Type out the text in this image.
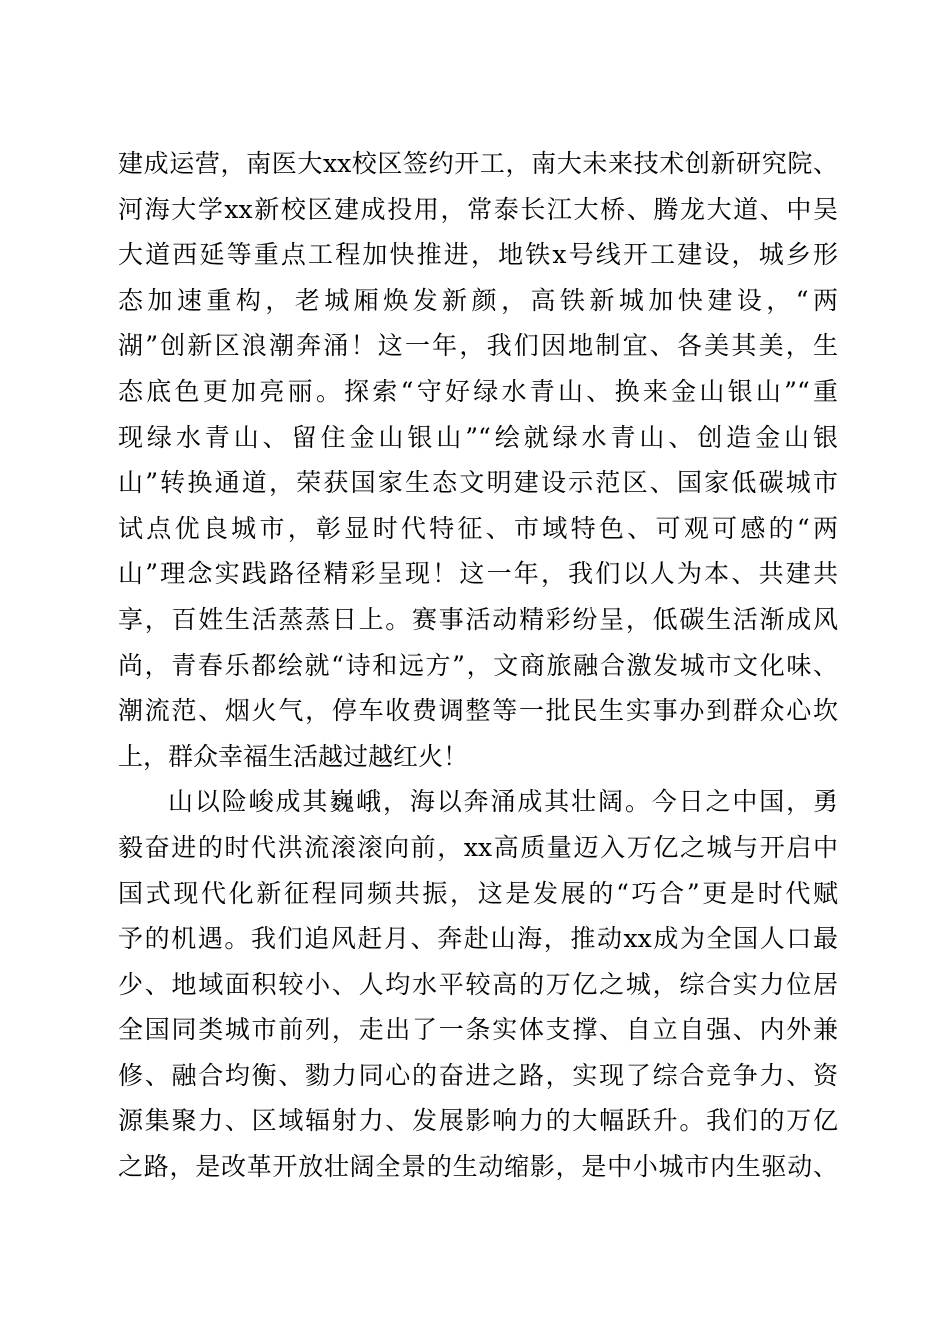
建成运营，南医大xx校区签约开工，南大未来技术创新研究院、
河海大学xx新校区建成投用，常泰长江大桥、腾龙大道、中吴
大道西延等重点工程加快推进，地铁x号线开工建设，城乡形
态加速重构，老城厢焕发新颜，高铁新城加快建设，“两
湖”创新区浪潮奔涌！这一年，我们因地制宜、各美其美，生
态底色更加亮丽。探索“守好绿水青山、换来金山银山”“重
现绿水青山、留住金山银山”“绘就绿水青山、创造金山银
山”转换通道，荣获国家生态文明建设示范区、国家低碳城市
试点优良城市，彰显时代特征、市域特色、可观可感的“两
山”理念实践路径精彩呈现！这一年，我们以人为本、共建共
享，百姓生活蒸蒸日上。赛事活动精彩纷呈，低碳生活渐成风
尚，青春乐都绘就“诗和远方”，文商旅融合激发城市文化味、
潮流范、烟火气，停车收费调整等一批民生实事办到群众心坎
上，群众幸福生活越过越红火！
山以险峻成其巍峨，海以奔涌成其壮阔。今日之中国，勇
毅奋进的时代洪流滚滚向前，xx高质量迈入万亿之城与开启中
国式现代化新征程同频共振，这是发展的“巧合”更是时代赋
予的机遇。我们追风赶月、奔赴山海，推动xx成为全国人口最
少、地域面积较小、人均水平较高的万亿之城，综合实力位居
全国同类城市前列，走出了一条实体支撑、自立自强、内外兼
修、融合均衡、勠力同心的奋进之路，实现了综合竞争力、资
源集聚力、区域辐射力、发展影响力的大幅跃升。我们的万亿
之路，是改革开放壮阔全景的生动缩影，是中小城市内生驱动、
